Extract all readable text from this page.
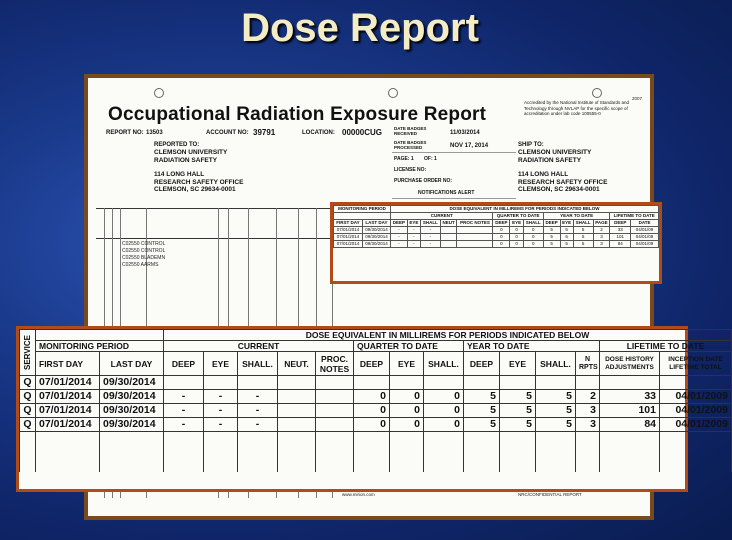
Dose Report
2007
Accredited by the National Institute of Standards and Technology through NVLAP for the specific scope of accreditation under lab code 100555-0
Occupational Radiation Exposure Report
REPORT NO: 13503	ACCOUNT NO: 39791	LOCATION: 00000CUG	DATE BADGES RECEIVED	11/03/2014
DATE BADGES PROCESSED	NOV 17, 2014
PAGE: 1 OF: 1
LICENSE NO:
PURCHASE ORDER NO:
NOTIFICATIONS ALERT
REPORTED TO:
CLEMSON UNIVERSITY
RADIATION SAFETY
114 LONG HALL
RESEARCH SAFETY OFFICE
CLEMSON, SC 29634-0001
SHIP TO:
CLEMSON UNIVERSITY
RADIATION SAFETY
114 LONG HALL
RESEARCH SAFETY OFFICE
CLEMSON, SC 29634-0001
C02550 CONTROL
C02550 CONTROL
C02550 BLADEMN
C02550 AARMS
www.mirion.com	NRC/CONFIDENTIAL REPORT
MONITORING PERIOD		DOSE EQUIVALENT IN MILLIREMS FOR PERIODS INDICATED BELOW													
		CURRENT					QUARTER TO DATE			YEAR TO DATE				LIFETIME TO DATE	
FIRST DAY	LAST DAY	DEEP	EYE	SHALL	NEUT	PROC NOTES	DEEP	EYE	SHALL	DEEP	EYE	SHALL	PAGE	DEEP	DATE
07/01/2014	09/30/2014	-	-	-			0	0	0	5	5	5	2	33	04/01/09
07/01/2014	09/30/2014	-	-	-			0	0	0	5	5	5	3	101	04/01/09
07/01/2014	09/30/2014	-	-	-			0	0	0	5	5	5	3	84	04/01/09
SERVICE			DOSE EQUIVALENT IN MILLIREMS FOR PERIODS INDICATED BELOW													
	MONITORING PERIOD		CURRENT					QUARTER TO DATE			YEAR TO DATE				LIFETIME TO DATE	
	FIRST DAY	LAST DAY	DEEP	EYE	SHALL.	NEUT.	PROC. NOTES	DEEP	EYE	SHALL.	DEEP	EYE	SHALL.	N RPTS	DOSE HISTORY ADJUSTMENTS	INCEPTION DATE LIFETIME TOTAL
Q	07/01/2014	09/30/2014														
Q	07/01/2014	09/30/2014	-	-	-			0	0	0	5	5	5	2	33	04/01/2009
Q	07/01/2014	09/30/2014	-	-	-			0	0	0	5	5	5	3	101	04/01/2009
Q	07/01/2014	09/30/2014	-	-	-			0	0	0	5	5	5	3	84	04/01/2009
